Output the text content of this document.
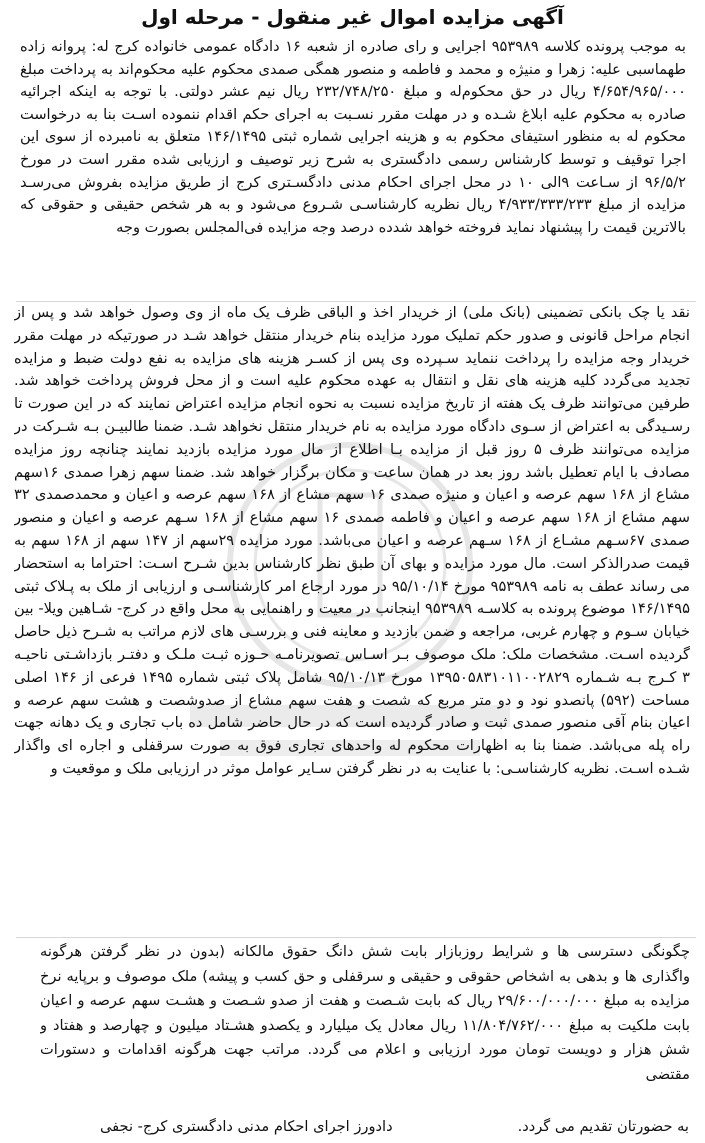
آگهی مزایده اموال غیر منقول - مرحله اول

به موجب پرونده کلاسه ۹۵۳۹۸۹ اجرایی و رای صادره از شعبه ۱۶ دادگاه عمومی خانواده کرج له: پروانه زاده طهماسبی علیه: زهرا و منیژه و محمد و فاطمه و منصور همگی صمدی محکوم علیه محکوم‌اند به پرداخت مبلغ ۴/۶۵۴/۹۶۵/۰۰۰ ریال در حق محکوم‌له و مبلغ ۲۳۲/۷۴۸/۲۵۰ ریال نیم عشر دولتی. با توجه به اینکه اجرائیه صادره به محکوم علیه ابلاغ شـده و در مهلت مقرر نسـبت به اجرای حکم اقدام ننموده اسـت بنا به درخواست محکوم له به منظور استیفای محکوم به و هزینه اجرایی شماره ثبتی ۱۴۶/۱۴۹۵ متعلق به نامبرده از سوی این اجرا توقیف و توسط کارشناس رسمی دادگستری به شرح زیر توصیف و ارزیابی شده مقرر است در مورخ ۹۶/۵/۲ از سـاعت ۹الی ۱۰ در محل اجرای احکام مدنی دادگسـتری کرج از طریق مزایده بفروش می‌رسـد مزایده از مبلغ ۴/۹۳۳/۳۳۳/۲۳۳ ریال نظریه کارشناسـی شـروع می‌شود و به هر شخص حقیقی و حقوقی که بالاترین قیمت را پیشنهاد نماید فروخته خواهد شدده درصد وجه مزایده فی‌المجلس بصورت وجه

نقد یا چک بانکی تضمینی (بانک ملی) از خریدار اخذ و الباقی ظرف یک ماه از وی وصول خواهد شد و پس از انجام مراحل قانونی و صدور حکم تملیک مورد مزایده بنام خریدار منتقل خواهد شـد در صورتیکه در مهلت مقرر خریدار وجه مزایده را پرداخت ننماید سـپرده وی پس از کسـر هزینه های مزایده به نفع دولت ضبط و مزایده تجدید می‌گردد کلیه هزینه های نقل و انتقال به عهده محکوم علیه است و از محل فروش پرداخت خواهد شد. طرفین می‌توانند ظرف یک هفته از تاریخ مزایده نسبت به نحوه انجام مزایده اعتراض نمایند که در این صورت تا رسـیدگی به اعتراض از سـوی دادگاه مورد مزایده به نام خریدار منتقل نخواهد شـد. ضمنا طالبیـن بـه شـرکت در مزایده می‌توانند ظرف ۵ روز قبل از مزایده بـا اطلاع از مال مورد مزایده بازدید نمایند چنانچه روز مزایده مصادف با ایام تعطیل باشد روز بعد در همان ساعت و مکان برگزار خواهد شد. ضمنا سهم زهرا صمدی ۱۶سهم مشاع از ۱۶۸ سهم عرصه و اعیان و منیژه صمدی ۱۶ سهم مشاع از ۱۶۸ سهم عرصه و اعیان و محمدصمدی ۳۲ سهم مشاع از ۱۶۸ سهم عرصه و اعیان و فاطمه صمدی ۱۶ سهم مشاع از ۱۶۸ سـهم عرصه و اعیان و منصور صمدی ۶۷سـهم مشـاع از ۱۶۸ سـهم عرصه و اعیان می‌باشد. مورد مزایده ۲۹سهم از ۱۴۷ سهم از ۱۶۸ سهم به قیمت صدرالذکر است. مال مورد مزایده و بهای آن طبق نظر کارشناس بدین شـرح اسـت: احتراما به استحضار می رساند عطف به نامه ۹۵۳۹۸۹ مورخ ۹۵/۱۰/۱۴ در مورد ارجاع امر کارشناسـی و ارزیابی از ملک به پـلاک ثبتی ۱۴۶/۱۴۹۵ موضوع پرونده به کلاسـه ۹۵۳۹۸۹ اینجانب در معیت و راهنمایی به محل واقع در کرج- شـاهین ویلا- بین خیابان سـوم و چهارم غربی، مراجعه و ضمن بازدید و معاینه فنی و بررسـی های لازم مراتب به شـرح ذیل حاصل گردیده اسـت. مشخصات ملک: ملک موصوف بـر اسـاس تصویرنامـه حـوزه ثبـت ملـک و دفتـر بازداشـتی ناحیـه ۳ کـرج بـه شـماره ۱۳۹۵۰۵۸۳۱۰۱۱۰۰۲۸۲۹ مورخ ۹۵/۱۰/۱۳ شامل پلاک ثبتی شماره ۱۴۹۵ فرعی از ۱۴۶ اصلی مساحت (۵۹۲) پانصدو نود و دو متر مربع که شصت و هفت سهم مشاع از صدوشصت و هشت سهم عرصه و اعیان بنام آقی منصور صمدی ثبت و صادر گردیده است که در حال حاضر شامل ده باب تجاری و یک دهانه جهت راه پله می‌باشد. ضمنا بنا به اظهارات محکوم له واحدهای تجاری فوق به صورت سرقفلی و اجاره ای واگذار شـده اسـت. نظریه کارشناسـی: با عنایت به در نظر گرفتن سـایر عوامل موثر در ارزیابی ملک و موقعیت و

چگونگی دسترسی ها و شرایط روزبازار بابت شش دانگ حقوق مالکانه (بدون در نظر گرفتن هرگونه واگذاری ها و بدهی به اشخاص حقوقی و حقیقی و سرقفلی و حق کسب و پیشه) ملک موصوف و برپایه نرخ مزایده به مبلغ ۲۹/۶۰۰/۰۰۰/۰۰۰ ریال که بابت شـصت و هفت از صدو شـصت و هشـت سهم عرصه و اعیان بابت ملکیت به مبلغ ۱۱/۸۰۴/۷۶۲/۰۰۰ ریال معادل یک میلیارد و یکصدو هشـتاد میلیون و چهارصد و هفتاد و شش هزار و دویست تومان مورد ارزیابی و اعلام می گردد. مراتب جهت هرگونه اقدامات و دستورات مقتضی

به حضورتان تقدیم می گردد.
دادورز اجرای احکام مدنی دادگستری کرج- نجفی
